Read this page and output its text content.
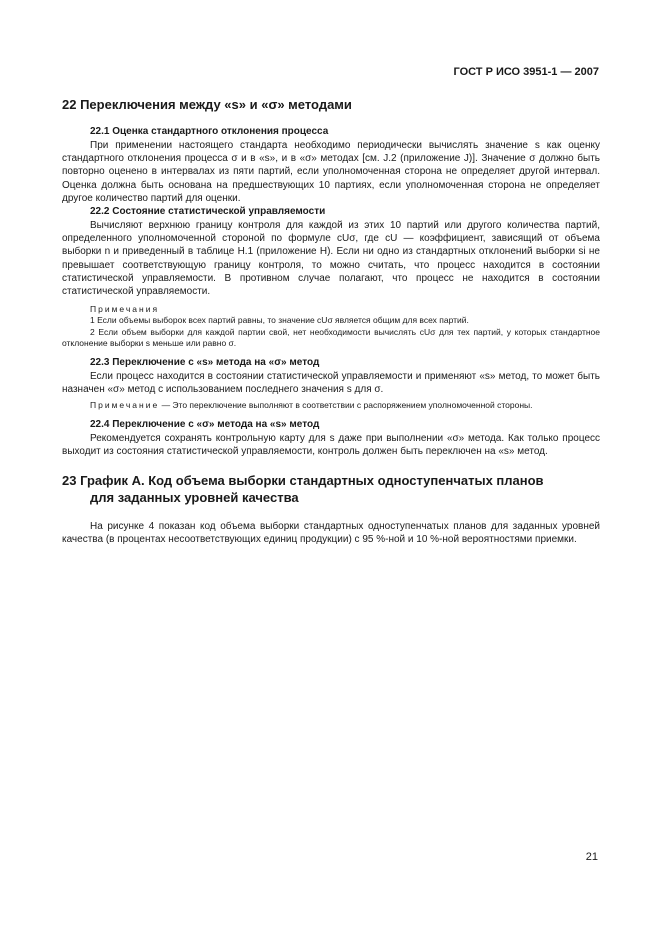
ГОСТ Р ИСО 3951-1 — 2007
22 Переключения между «s» и «σ» методами
22.1 Оценка стандартного отклонения процесса

При применении настоящего стандарта необходимо периодически вычислять значение s как оценку стандартного отклонения процесса σ и в «s», и в «σ» методах [см. J.2 (приложение J)]. Значение σ должно быть повторно оценено в интервалах из пяти партий, если уполномоченная сторона не определяет другой интервал. Оценка должна быть основана на предшествующих 10 партиях, если уполномоченная сторона не определяет другое количество партий для оценки.

22.2 Состояние статистической управляемости

Вычисляют верхнюю границу контроля для каждой из этих 10 партий или другого количества партий, определенного уполномоченной стороной по формуле cUσ, где cU — коэффициент, зависящий от объема выборки n и приведенный в таблице Н.1 (приложение Н). Если ни одно из стандартных отклонений выборки si не превышает соответствующую границу контроля, то можно считать, что процесс находится в состоянии статистической управляемости. В противном случае полагают, что процесс не находится в состоянии статистической управляемости.

Примечания
1 Если объемы выборок всех партий равны, то значение cUσ является общим для всех партий.
2 Если объем выборки для каждой партии свой, нет необходимости вычислять cUσ для тех партий, у которых стандартное отклонение выборки s меньше или равно σ.
22.3 Переключение с «s» метода на «σ» метод

Если процесс находится в состоянии статистической управляемости и применяют «s» метод, то может быть назначен «σ» метод с использованием последнего значения s для σ.

Примечание — Это переключение выполняют в соответствии с распоряжением уполномоченной стороны.
22.4 Переключение с «σ» метода на «s» метод

Рекомендуется сохранять контрольную карту для s даже при выполнении «σ» метода. Как только процесс выходит из состояния статистической управляемости, контроль должен быть переключен на «s» метод.

23 График А. Код объема выборки стандартных одноступенчатых планов
для заданных уровней качества

На рисунке 4 показан код объема выборки стандартных одноступенчатых планов для заданных уровней качества (в процентах несоответствующих единиц продукции) с 95 %-ной и 10 %-ной вероятностями приемки.

21
